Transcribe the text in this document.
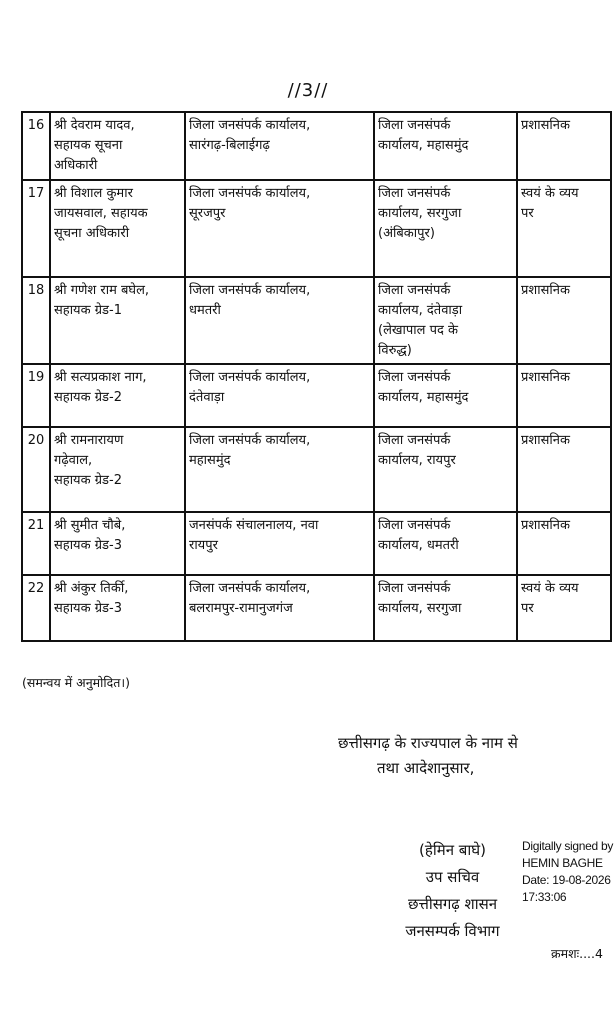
//3//
16	श्री देवराम यादव,
सहायक सूचना
अधिकारी	जिला जनसंपर्क कार्यालय,
सारंगढ़-बिलाईगढ़	जिला जनसंपर्क
कार्यालय, महासमुंद	प्रशासनिक

17	श्री विशाल कुमार
जायसवाल, सहायक
सूचना अधिकारी	जिला जनसंपर्क कार्यालय,
सूरजपुर	जिला जनसंपर्क
कार्यालय, सरगुजा
(अंबिकापुर)	स्वयं के व्यय
पर

18	श्री गणेश राम बघेल,
सहायक ग्रेड-1	जिला जनसंपर्क कार्यालय,
धमतरी	जिला जनसंपर्क
कार्यालय, दंतेवाड़ा
(लेखापाल पद के
विरुद्ध)	प्रशासनिक

19	श्री सत्यप्रकाश नाग,
सहायक ग्रेड-2	जिला जनसंपर्क कार्यालय,
दंतेवाड़ा	जिला जनसंपर्क
कार्यालय, महासमुंद	प्रशासनिक

20	श्री रामनारायण
गढ़ेवाल,
सहायक ग्रेड-2	जिला जनसंपर्क कार्यालय,
महासमुंद	जिला जनसंपर्क
कार्यालय, रायपुर	प्रशासनिक

21	श्री सुमीत चौबे,
सहायक ग्रेड-3	जनसंपर्क संचालनालय, नवा
रायपुर	जिला जनसंपर्क
कार्यालय, धमतरी	प्रशासनिक

22	श्री अंकुर तिर्की,
सहायक ग्रेड-3	जिला जनसंपर्क कार्यालय,
बलरामपुर-रामानुजगंज	जिला जनसंपर्क
कार्यालय, सरगुजा	स्वयं के व्यय
पर
(समन्वय में अनुमोदित।)
छत्तीसगढ़ के राज्यपाल के नाम से
तथा आदेशानुसार,
(हेमिन बाघे)
उप सचिव
छत्तीसगढ़ शासन
जनसम्पर्क विभाग
Digitally signed by
HEMIN BAGHE
Date: 19-08-2026
17:33:06
क्रमशः....4
